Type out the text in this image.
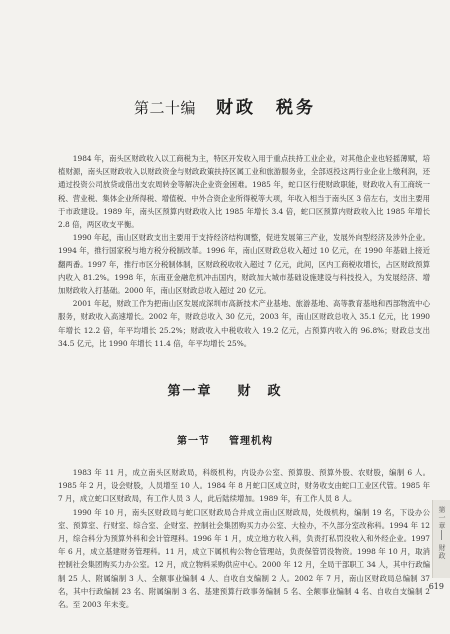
第二十编 财政　税务

1984 年，南头区财政收入以工商税为主，特区开发收入用于重点扶持工业企业，对其他企业也轻摇薄赋，培植财源，南头区财政收入以财政资金与财政政策扶持区属工业和旅游服务业，全部返投这两行业企业上缴利润，还通过投资公司放贷或借出支农周转金等解决企业资金困难。1985 年，蛇口区行使财政职能，财政收入有工商统一税、营业税、集体企业所得税、增值税、中外合资企业所得税等大项，年收入相当于南头区 3 倍左右，支出主要用于市政建设。1989 年，南头区预算内财政收入比 1985 年增长 3.4 倍，蛇口区预算内财政收入比 1985 年增长 2.8 倍，两区收支平衡。

1990 年起，南山区财政支出主要用于支持经济结构调整，促进发展第三产业，发展外向型经济及涉外企业。1994 年，推行国家税与地方税分税制改革。1996 年，南山区财政总收入超过 10 亿元，在 1990 年基础上接近翻两番。1997 年，推行市区分税制体制，区财政税收收入超过 7 亿元，此间，区内工商税收增长，占区财政预算内收入 81.2%。1998 年，东南亚金融危机冲击国内，财政加大城市基础设施建设与科技投入，为发展经济、增加财政收入打基础。2000 年，南山区财政总收入超过 20 亿元。

2001 年起，财政工作为把南山区发展成深圳市高新技术产业基地、旅游基地、高等教育基地和西部物流中心服务，财政收入高速增长。2002 年，财政总收入 30 亿元，2003 年，南山区财政总收入 35.1 亿元，比 1990 年增长 12.2 倍，年平均增长 25.2%；财政收入中税收收入 19.2 亿元，占预算内收入的 96.8%；财政总支出 34.5 亿元，比 1990 年增长 11.4 倍，年平均增长 25%。

第一章 财　政
第一节 管理机构

1983 年 11 月，成立南头区财政局，科级机构，内设办公室、预算股、预算外股、农财股，编制 6 人。1985 年 2 月，设会财股，人员增至 10 人。1984 年 8 月蛇口区成立时，财务收支由蛇口工业区代管。1985 年 7 月，成立蛇口区财政局，有工作人员 3 人，此后陆续增加。1989 年，有工作人员 8 人。

1990 年 10 月，南头区财政局与蛇口区财政局合并成立南山区财政局，处级机构，编制 19 名，下设办公室、预算室、行财室、综合室、企财室、控制社会集团购买力办公室、大检办，不久部分室改称科。1994 年 12 月，综合科分为预算外科和会计管理科。1996 年 1 月，成立地方收入科，负责打私罚没收入和外经企业。1997 年 6 月，成立基建财务管理科。11 月，成立下属机构公物仓管理站，负责保管罚没物资。1998 年 10 月，取消控制社会集团购买力办公室。12 月，成立物料采购供应中心。2000 年 12 月，全局干部职工 34 人，其中行政编制 25 人、附属编制 3 人、全额事业编制 4 人、自收自支编制 2 人。2002 年 7 月，南山区财政局总编制 37 名，其中行政编制 23 名、附属编制 3 名、基建预算行政事务编制 5 名、全额事业编制 4 名、自收自支编制 2 名。至 2003 年未变。

第一章
财政
619
